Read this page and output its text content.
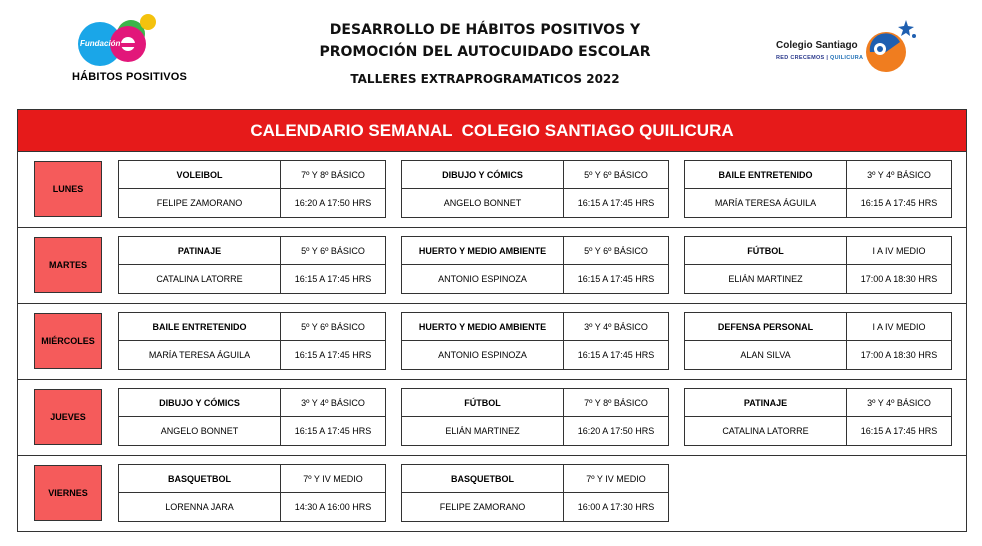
Fundación
HÁBITOS POSITIVOS
DESARROLLO DE HÁBITOS POSITIVOS Y
PROMOCIÓN DEL AUTOCUIDADO ESCOLAR
TALLERES EXTRAPROGRAMATICOS 2022
Colegio Santiago
RED CRECEMOS | QUILICURA
CALENDARIO SEMANAL  COLEGIO SANTIAGO QUILICURA
LUNES
VOLEIBOL	7º Y 8º BÁSICO
FELIPE ZAMORANO	16:20 A 17:50 HRS
DIBUJO Y CÓMICS	5º Y 6º BÁSICO
ANGELO BONNET	16:15 A 17:45 HRS
BAILE ENTRETENIDO	3º Y 4º BÁSICO
MARÍA TERESA ÁGUILA	16:15 A 17:45 HRS
MARTES
PATINAJE	5º Y 6º BÁSICO
CATALINA LATORRE	16:15 A 17:45 HRS
HUERTO Y MEDIO AMBIENTE	5º Y 6º BÁSICO
ANTONIO ESPINOZA	16:15 A 17:45 HRS
FÚTBOL	I A IV MEDIO
ELIÁN MARTINEZ	17:00 A 18:30 HRS
MIÉRCOLES
BAILE ENTRETENIDO	5º Y 6º BÁSICO
MARÍA TERESA ÁGUILA	16:15 A 17:45 HRS
HUERTO Y MEDIO AMBIENTE	3º Y 4º BÁSICO
ANTONIO ESPINOZA	16:15 A 17:45 HRS
DEFENSA PERSONAL	I A IV MEDIO
ALAN SILVA	17:00 A 18:30 HRS
JUEVES
DIBUJO Y CÓMICS	3º Y 4º BÁSICO
ANGELO BONNET	16:15 A 17:45 HRS
FÚTBOL	7º Y 8º BÁSICO
ELIÁN MARTINEZ	16:20 A 17:50 HRS
PATINAJE	3º Y 4º BÁSICO
CATALINA LATORRE	16:15 A 17:45 HRS
VIERNES
BASQUETBOL	7º Y IV MEDIO
LORENNA JARA	14:30 A 16:00 HRS
BASQUETBOL	7º Y IV MEDIO
FELIPE ZAMORANO	16:00 A 17:30 HRS
